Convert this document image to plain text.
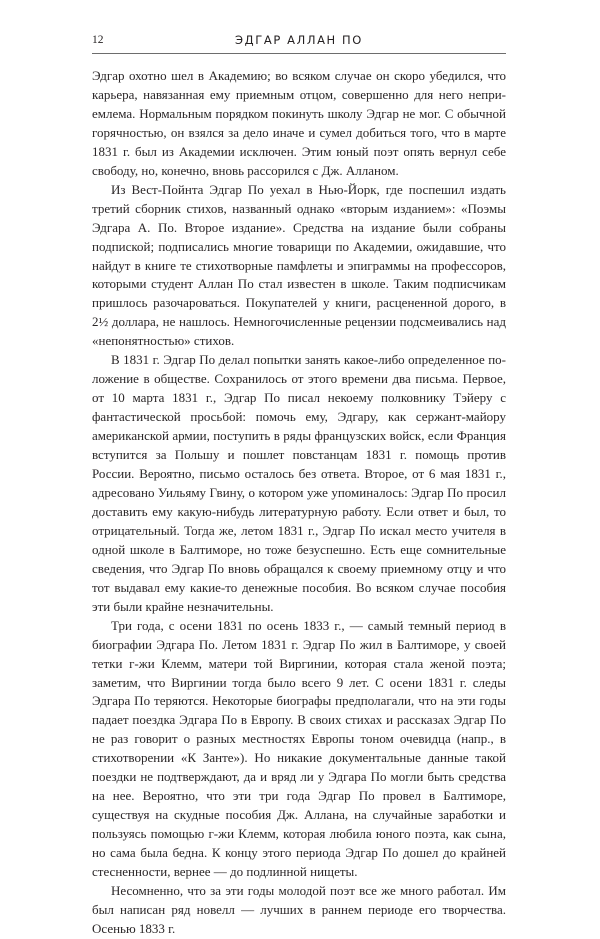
12	ЭДГАР АЛЛАН ПО

Эдгар охотно шел в Академию; во всяком случае он скоро убедился, что карьера, навязанная ему приемным отцом, совершенно для него неприемлема. Нормальным порядком покинуть школу Эдгар не мог. С обычной горячностью, он взялся за дело иначе и сумел добиться того, что в марте 1831 г. был из Академии исключен. Этим юный поэт опять вернул себе свободу, но, конечно, вновь рассорился с Дж. Алланом.

Из Вест-Пойнта Эдгар По уехал в Нью-Йорк, где поспешил издать третий сборник стихов, названный однако «вторым изданием»: «Поэмы Эдгара А. По. Второе издание». Средства на издание были собраны подпиской; подписались многие товарищи по Академии, ожидавшие, что найдут в книге те стихотворные памфлеты и эпиграммы на профессоров, которыми студент Аллан По стал известен в школе. Таким подписчикам пришлось разочароваться. Покупателей у книги, расцененной дорого, в 2½ доллара, не нашлось. Немногочисленные рецензии подсмеивались над «непонятностью» стихов.

В 1831 г. Эдгар По делал попытки занять какое-либо определенное положение в обществе. Сохранилось от этого времени два письма. Первое, от 10 марта 1831 г., Эдгар По писал некоему полковнику Тэйеру с фантастической просьбой: помочь ему, Эдгару, как сержант-майору американской армии, поступить в ряды французских войск, если Франция вступится за Польшу и пошлет повстанцам 1831 г. помощь против России. Вероятно, письмо осталось без ответа. Второе, от 6 мая 1831 г., адресовано Уильяму Гвину, о котором уже упоминалось: Эдгар По просил доставить ему какую-нибудь литературную работу. Если ответ и был, то отрицательный. Тогда же, летом 1831 г., Эдгар По искал место учителя в одной школе в Балтиморе, но тоже безуспешно. Есть еще сомнительные сведения, что Эдгар По вновь обращался к своему приемному отцу и что тот выдавал ему какие-то денежные пособия. Во всяком случае пособия эти были крайне незначительны.

Три года, с осени 1831 по осень 1833 г., — самый темный период в биографии Эдгара По. Летом 1831 г. Эдгар По жил в Балтиморе, у своей тетки г-жи Клемм, матери той Виргинии, которая стала женой поэта; заметим, что Виргинии тогда было всего 9 лет. С осени 1831 г. следы Эдгара По теряются. Некоторые биографы предполагали, что на эти годы падает поездка Эдгара По в Европу. В своих стихах и рассказах Эдгар По не раз говорит о разных местностях Европы тоном очевидца (напр., в стихотворении «К Занте»). Но никакие документальные данные такой поездки не подтверждают, да и вряд ли у Эдгара По могли быть средства на нее. Вероятно, что эти три года Эдгар По провел в Балтиморе, существуя на скудные пособия Дж. Аллана, на случайные заработки и пользуясь помощью г-жи Клемм, которая любила юного поэта, как сына, но сама была бедна. К концу этого периода Эдгар По дошел до крайней стесненности, вернее — до подлинной нищеты.

Несомненно, что за эти годы молодой поэт все же много работал. Им был написан ряд новелл — лучших в раннем периоде его творчества. Осенью 1833 г.
